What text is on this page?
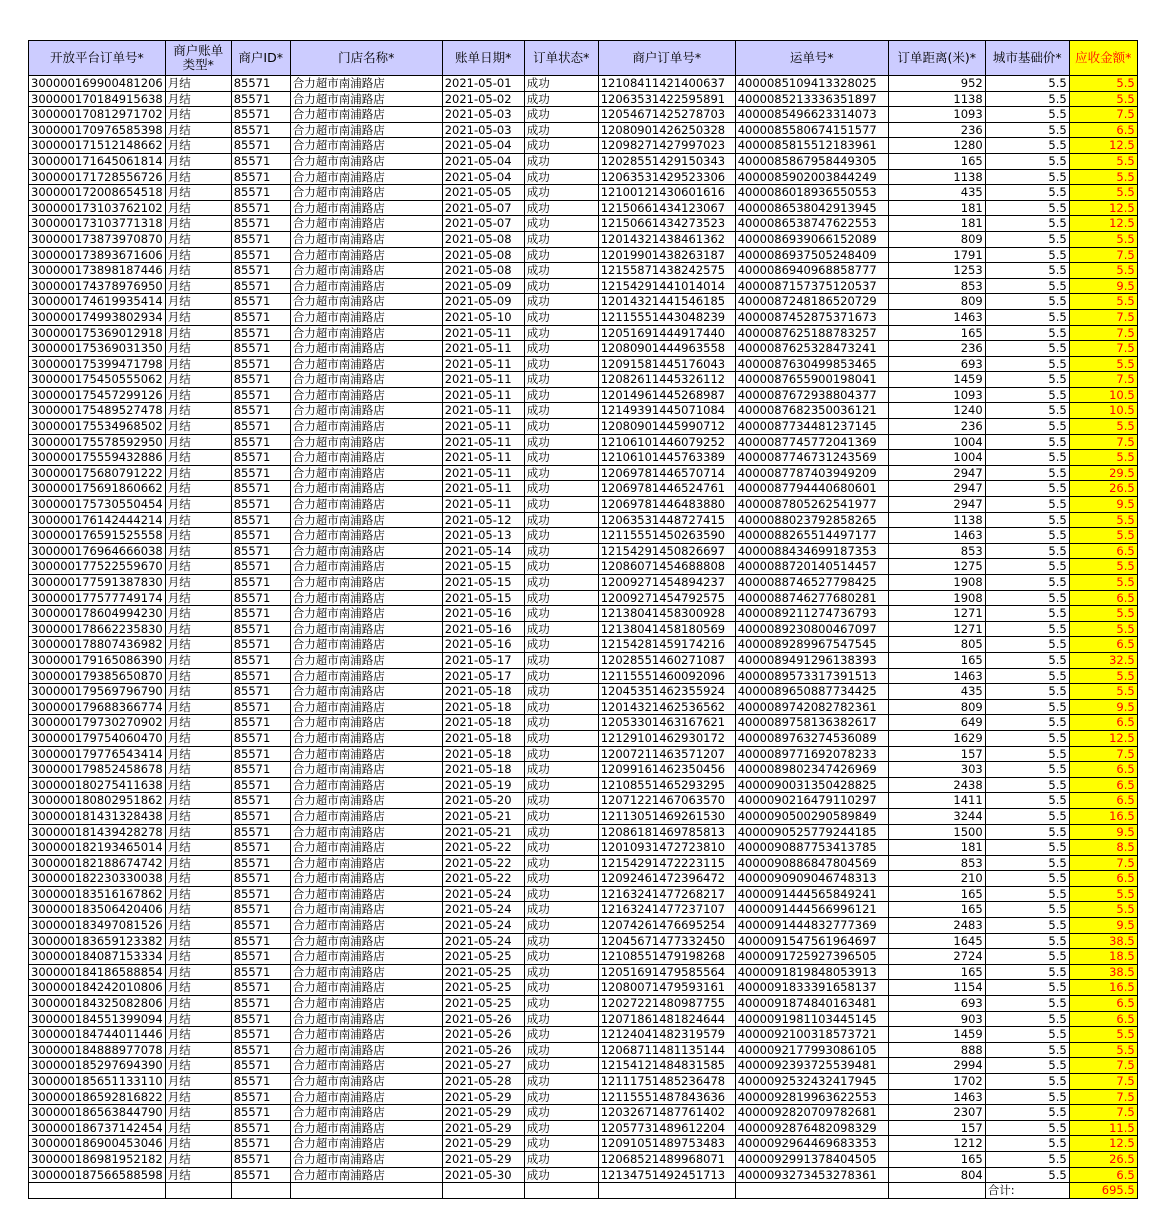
开放平台订单号*	商户账单类型*	商户ID*	门店名称*	账单日期*	订单状态*	商户订单号*	运单号*	订单距离(米)*	城市基础价*	应收金额*
300000169900481206	月结	85571	合力超市南浦路店	2021-05-01	成功	12108411421400637	4000085109413328025	952	5.5	5.5
300000170184915638	月结	85571	合力超市南浦路店	2021-05-02	成功	12063531422595891	4000085213336351897	1138	5.5	5.5
300000170812971702	月结	85571	合力超市南浦路店	2021-05-03	成功	12054671425278703	4000085496623314073	1093	5.5	7.5
300000170976585398	月结	85571	合力超市南浦路店	2021-05-03	成功	12080901426250328	4000085580674151577	236	5.5	6.5
300000171512148662	月结	85571	合力超市南浦路店	2021-05-04	成功	12098271427997023	4000085815512183961	1280	5.5	12.5
300000171645061814	月结	85571	合力超市南浦路店	2021-05-04	成功	12028551429150343	4000085867958449305	165	5.5	5.5
300000171728556726	月结	85571	合力超市南浦路店	2021-05-04	成功	12063531429523306	4000085902003844249	1138	5.5	5.5
300000172008654518	月结	85571	合力超市南浦路店	2021-05-05	成功	12100121430601616	4000086018936550553	435	5.5	5.5
300000173103762102	月结	85571	合力超市南浦路店	2021-05-07	成功	12150661434123067	4000086538042913945	181	5.5	12.5
300000173103771318	月结	85571	合力超市南浦路店	2021-05-07	成功	12150661434273523	4000086538747622553	181	5.5	12.5
300000173873970870	月结	85571	合力超市南浦路店	2021-05-08	成功	12014321438461362	4000086939066152089	809	5.5	5.5
300000173893671606	月结	85571	合力超市南浦路店	2021-05-08	成功	12019901438263187	4000086937505248409	1791	5.5	7.5
300000173898187446	月结	85571	合力超市南浦路店	2021-05-08	成功	12155871438242575	4000086940968858777	1253	5.5	5.5
300000174378976950	月结	85571	合力超市南浦路店	2021-05-09	成功	12154291441014014	4000087157375120537	853	5.5	9.5
300000174619935414	月结	85571	合力超市南浦路店	2021-05-09	成功	12014321441546185	4000087248186520729	809	5.5	5.5
300000174993802934	月结	85571	合力超市南浦路店	2021-05-10	成功	12115551443048239	4000087452875371673	1463	5.5	7.5
300000175369012918	月结	85571	合力超市南浦路店	2021-05-11	成功	12051691444917440	4000087625188783257	165	5.5	7.5
300000175369031350	月结	85571	合力超市南浦路店	2021-05-11	成功	12080901444963558	4000087625328473241	236	5.5	7.5
300000175399471798	月结	85571	合力超市南浦路店	2021-05-11	成功	12091581445176043	4000087630499853465	693	5.5	5.5
300000175450555062	月结	85571	合力超市南浦路店	2021-05-11	成功	12082611445326112	4000087655900198041	1459	5.5	7.5
300000175457299126	月结	85571	合力超市南浦路店	2021-05-11	成功	12014961445268987	4000087672938804377	1093	5.5	10.5
300000175489527478	月结	85571	合力超市南浦路店	2021-05-11	成功	12149391445071084	4000087682350036121	1240	5.5	10.5
300000175534968502	月结	85571	合力超市南浦路店	2021-05-11	成功	12080901445990712	4000087734481237145	236	5.5	5.5
300000175578592950	月结	85571	合力超市南浦路店	2021-05-11	成功	12106101446079252	4000087745772041369	1004	5.5	7.5
300000175559432886	月结	85571	合力超市南浦路店	2021-05-11	成功	12106101445763389	4000087746731243569	1004	5.5	5.5
300000175680791222	月结	85571	合力超市南浦路店	2021-05-11	成功	12069781446570714	4000087787403949209	2947	5.5	29.5
300000175691860662	月结	85571	合力超市南浦路店	2021-05-11	成功	12069781446524761	4000087794440680601	2947	5.5	26.5
300000175730550454	月结	85571	合力超市南浦路店	2021-05-11	成功	12069781446483880	4000087805262541977	2947	5.5	9.5
300000176142444214	月结	85571	合力超市南浦路店	2021-05-12	成功	12063531448727415	4000088023792858265	1138	5.5	5.5
300000176591525558	月结	85571	合力超市南浦路店	2021-05-13	成功	12115551450263590	4000088265514497177	1463	5.5	5.5
300000176964666038	月结	85571	合力超市南浦路店	2021-05-14	成功	12154291450826697	4000088434699187353	853	5.5	6.5
300000177522559670	月结	85571	合力超市南浦路店	2021-05-15	成功	12086071454688808	4000088720140514457	1275	5.5	5.5
300000177591387830	月结	85571	合力超市南浦路店	2021-05-15	成功	12009271454894237	4000088746527798425	1908	5.5	5.5
300000177577749174	月结	85571	合力超市南浦路店	2021-05-15	成功	12009271454792575	4000088746277680281	1908	5.5	6.5
300000178604994230	月结	85571	合力超市南浦路店	2021-05-16	成功	12138041458300928	4000089211274736793	1271	5.5	5.5
300000178662235830	月结	85571	合力超市南浦路店	2021-05-16	成功	12138041458180569	4000089230800467097	1271	5.5	5.5
300000178807436982	月结	85571	合力超市南浦路店	2021-05-16	成功	12154281459174216	4000089289967547545	805	5.5	6.5
300000179165086390	月结	85571	合力超市南浦路店	2021-05-17	成功	12028551460271087	4000089491296138393	165	5.5	32.5
300000179385650870	月结	85571	合力超市南浦路店	2021-05-17	成功	12115551460092096	4000089573317391513	1463	5.5	5.5
300000179569796790	月结	85571	合力超市南浦路店	2021-05-18	成功	12045351462355924	4000089650887734425	435	5.5	5.5
300000179688366774	月结	85571	合力超市南浦路店	2021-05-18	成功	12014321462536562	4000089742082782361	809	5.5	9.5
300000179730270902	月结	85571	合力超市南浦路店	2021-05-18	成功	12053301463167621	4000089758136382617	649	5.5	6.5
300000179754060470	月结	85571	合力超市南浦路店	2021-05-18	成功	12129101462930172	4000089763274536089	1629	5.5	12.5
300000179776543414	月结	85571	合力超市南浦路店	2021-05-18	成功	12007211463571207	4000089771692078233	157	5.5	7.5
300000179852458678	月结	85571	合力超市南浦路店	2021-05-18	成功	12099161462350456	4000089802347426969	303	5.5	6.5
300000180275411638	月结	85571	合力超市南浦路店	2021-05-19	成功	12108551465293295	4000090031350428825	2438	5.5	6.5
300000180802951862	月结	85571	合力超市南浦路店	2021-05-20	成功	12071221467063570	4000090216479110297	1411	5.5	6.5
300000181431328438	月结	85571	合力超市南浦路店	2021-05-21	成功	12113051469261530	4000090500290589849	3244	5.5	16.5
300000181439428278	月结	85571	合力超市南浦路店	2021-05-21	成功	12086181469785813	4000090525779244185	1500	5.5	9.5
300000182193465014	月结	85571	合力超市南浦路店	2021-05-22	成功	12010931472723810	4000090887753413785	181	5.5	8.5
300000182188674742	月结	85571	合力超市南浦路店	2021-05-22	成功	12154291472223115	4000090886847804569	853	5.5	7.5
300000182230330038	月结	85571	合力超市南浦路店	2021-05-22	成功	12092461472396472	4000090909046748313	210	5.5	6.5
300000183516167862	月结	85571	合力超市南浦路店	2021-05-24	成功	12163241477268217	4000091444565849241	165	5.5	5.5
300000183506420406	月结	85571	合力超市南浦路店	2021-05-24	成功	12163241477237107	4000091444566996121	165	5.5	5.5
300000183497081526	月结	85571	合力超市南浦路店	2021-05-24	成功	12074261476695254	4000091444832777369	2483	5.5	9.5
300000183659123382	月结	85571	合力超市南浦路店	2021-05-24	成功	12045671477332450	4000091547561964697	1645	5.5	38.5
300000184087153334	月结	85571	合力超市南浦路店	2021-05-25	成功	12108551479198268	4000091725927396505	2724	5.5	18.5
300000184186588854	月结	85571	合力超市南浦路店	2021-05-25	成功	12051691479585564	4000091819848053913	165	5.5	38.5
300000184242010806	月结	85571	合力超市南浦路店	2021-05-25	成功	12080071479593161	4000091833391658137	1154	5.5	16.5
300000184325082806	月结	85571	合力超市南浦路店	2021-05-25	成功	12027221480987755	4000091874840163481	693	5.5	6.5
300000184551399094	月结	85571	合力超市南浦路店	2021-05-26	成功	12071861481824644	4000091981103445145	903	5.5	6.5
300000184744011446	月结	85571	合力超市南浦路店	2021-05-26	成功	12124041482319579	4000092100318573721	1459	5.5	5.5
300000184888977078	月结	85571	合力超市南浦路店	2021-05-26	成功	12068711481135144	4000092177993086105	888	5.5	5.5
300000185297694390	月结	85571	合力超市南浦路店	2021-05-27	成功	12154121484831585	4000092393725539481	2994	5.5	7.5
300000185651133110	月结	85571	合力超市南浦路店	2021-05-28	成功	12111751485236478	4000092532432417945	1702	5.5	7.5
300000186592816822	月结	85571	合力超市南浦路店	2021-05-29	成功	12115551487843636	4000092819963622553	1463	5.5	7.5
300000186563844790	月结	85571	合力超市南浦路店	2021-05-29	成功	12032671487761402	4000092820709782681	2307	5.5	7.5
300000186737142454	月结	85571	合力超市南浦路店	2021-05-29	成功	12057731489612204	4000092876482098329	157	5.5	11.5
300000186900453046	月结	85571	合力超市南浦路店	2021-05-29	成功	12091051489753483	4000092964469683353	1212	5.5	12.5
300000186981952182	月结	85571	合力超市南浦路店	2021-05-29	成功	12068521489968071	4000092991378404505	165	5.5	26.5
300000187566588598	月结	85571	合力超市南浦路店	2021-05-30	成功	12134751492451713	4000093273453278361	804	5.5	6.5
									合计:	695.5
